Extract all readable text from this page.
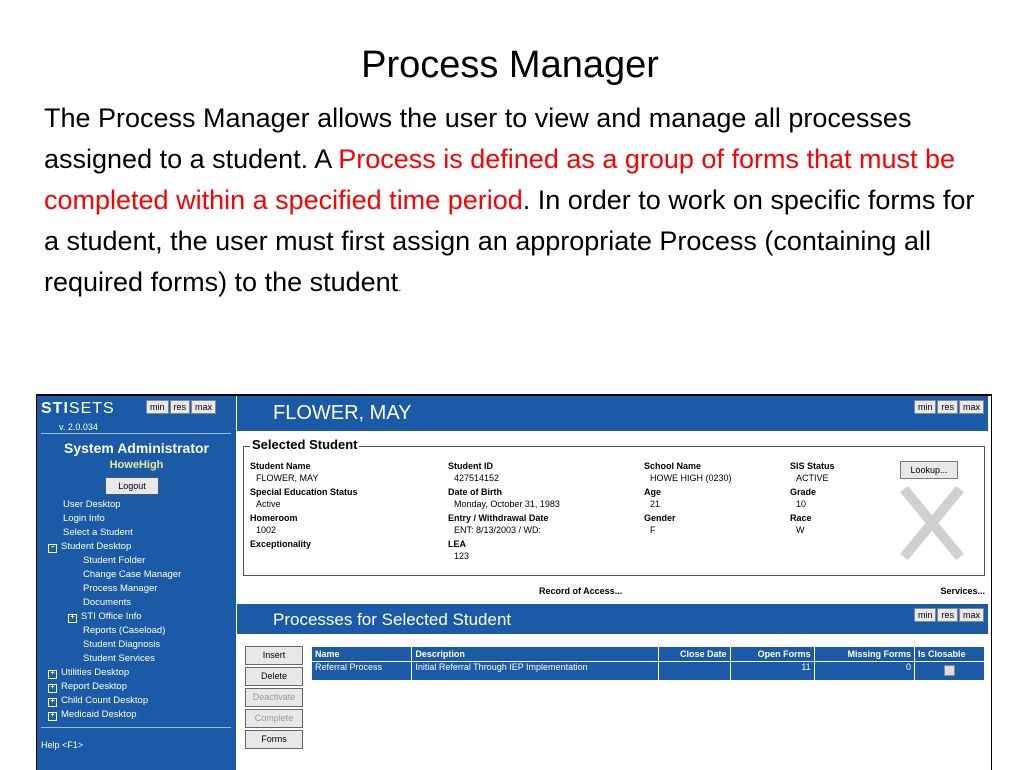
Process Manager
The Process Manager allows the user to view and manage all processes assigned to a student. A Process is defined as a group of forms that must be completed within a specified time period. In order to work on specific forms for a student, the user must first assign an appropriate Process (containing all required forms) to the student.
STISETS
v. 2.0.034
min res max
System Administrator
HoweHigh
Logout
User Desktop
Login Info
Select a Student
− Student Desktop
Student Folder
Change Case Manager
Process Manager
Documents
+ STI Office Info
Reports (Caseload)
Student Diagnosis
Student Services
+ Utilities Desktop
+ Report Desktop
+ Child Count Desktop
+ Medicaid Desktop
Help <F1>
FLOWER, MAY	min res max
Selected Student
Student Name
FLOWER, MAY
Special Education Status
Active
Homeroom
1002
Exceptionality
Student ID
427514152
Date of Birth
Monday, October 31, 1983
Entry / Withdrawal Date
ENT: 8/13/2003 / WD:
LEA
123
School Name
HOWE HIGH (0230)
Age
21
Gender
F
SIS Status
ACTIVE
Grade
10
Race
W
Lookup...
Record of Access...	Services...
Processes for Selected Student	min res max
Insert
Delete
Deactivate
Complete
Forms
Name	Description	Close Date	Open Forms	Missing Forms	Is Closable
Referral Process	Initial Referral Through IEP Implementation		11	0	
